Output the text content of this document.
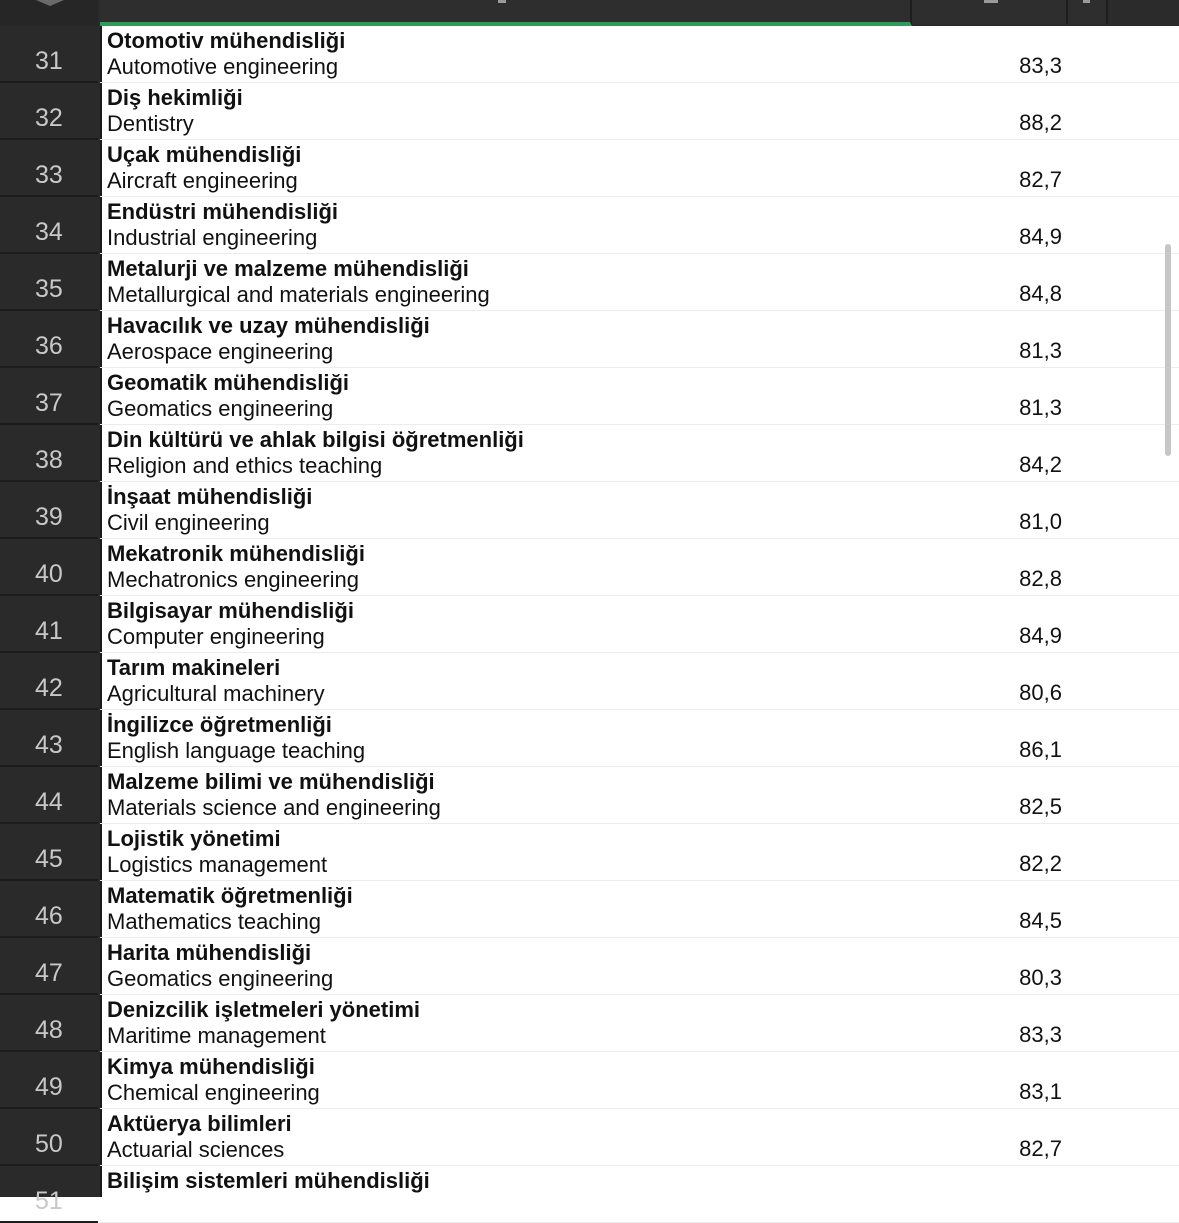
31
Otomotiv mühendisliği
Automotive engineering	83,3
32
Diş hekimliği
Dentistry	88,2
33
Uçak mühendisliği
Aircraft engineering	82,7
34
Endüstri mühendisliği
Industrial engineering	84,9
35
Metalurji ve malzeme mühendisliği
Metallurgical and materials engineering	84,8
36
Havacılık ve uzay mühendisliği
Aerospace engineering	81,3
37
Geomatik mühendisliği
Geomatics engineering	81,3
38
Din kültürü ve ahlak bilgisi öğretmenliği
Religion and ethics teaching	84,2
39
İnşaat mühendisliği
Civil engineering	81,0
40
Mekatronik mühendisliği
Mechatronics engineering	82,8
41
Bilgisayar mühendisliği
Computer engineering	84,9
42
Tarım makineleri
Agricultural machinery	80,6
43
İngilizce öğretmenliği
English language teaching	86,1
44
Malzeme bilimi ve mühendisliği
Materials science and engineering	82,5
45
Lojistik yönetimi
Logistics management	82,2
46
Matematik öğretmenliği
Mathematics teaching	84,5
47
Harita mühendisliği
Geomatics engineering	80,3
48
Denizcilik işletmeleri yönetimi
Maritime management	83,3
49
Kimya mühendisliği
Chemical engineering	83,1
50
Aktüerya bilimleri
Actuarial sciences	82,7
51
Bilişim sistemleri mühendisliği
